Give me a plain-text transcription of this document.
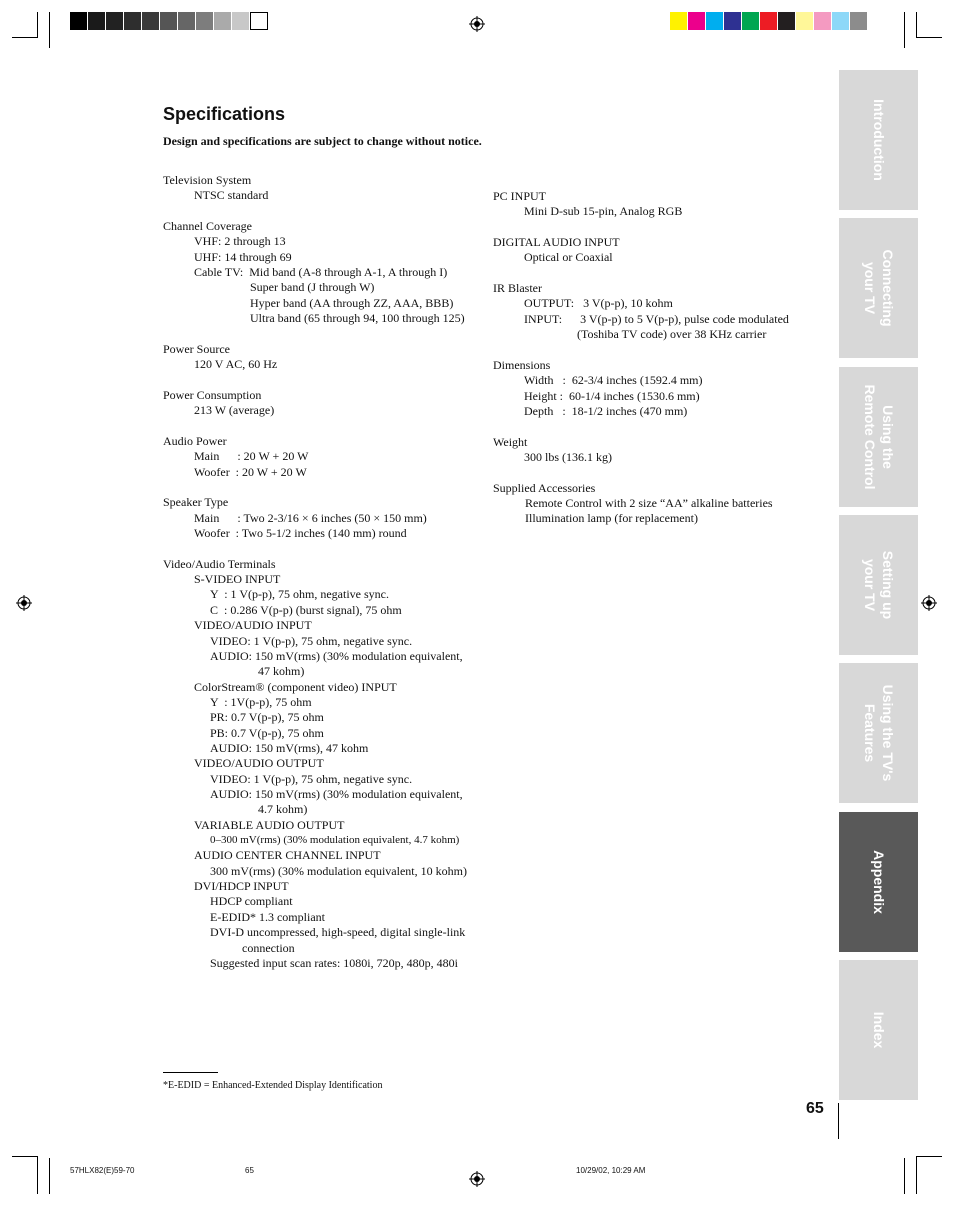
Specifications
Design and specifications are subject to change without notice.
Television System
NTSC standard
Channel Coverage
VHF: 2 through 13
UHF: 14 through 69
Cable TV:  Mid band (A-8 through A-1, A through I)
Super band (J through W)
Hyper band (AA through ZZ, AAA, BBB)
Ultra band (65 through 94, 100 through 125)
Power Source
120 V AC, 60 Hz
Power Consumption
213 W (average)
Audio Power
Main      : 20 W + 20 W
Woofer  : 20 W + 20 W
Speaker Type
Main      : Two 2-3/16 × 6 inches (50 × 150 mm)
Woofer  : Two 5-1/2 inches (140 mm) round
Video/Audio Terminals
S-VIDEO INPUT
Y  : 1 V(p-p), 75 ohm, negative sync.
C  : 0.286 V(p-p) (burst signal), 75 ohm
VIDEO/AUDIO INPUT
VIDEO: 1 V(p-p), 75 ohm, negative sync.
AUDIO: 150 mV(rms) (30% modulation equivalent,
47 kohm)
ColorStream® (component video) INPUT
Y  : 1V(p-p), 75 ohm
PR: 0.7 V(p-p), 75 ohm
PB: 0.7 V(p-p), 75 ohm
AUDIO: 150 mV(rms), 47 kohm
VIDEO/AUDIO OUTPUT
VIDEO: 1 V(p-p), 75 ohm, negative sync.
AUDIO: 150 mV(rms) (30% modulation equivalent,
4.7 kohm)
VARIABLE AUDIO OUTPUT
0–300 mV(rms) (30% modulation equivalent, 4.7 kohm)
AUDIO CENTER CHANNEL INPUT
300 mV(rms) (30% modulation equivalent, 10 kohm)
DVI/HDCP INPUT
HDCP compliant
E-EDID* 1.3 compliant
DVI-D uncompressed, high-speed, digital single-link
connection
Suggested input scan rates: 1080i, 720p, 480p, 480i
PC INPUT
Mini D-sub 15-pin, Analog RGB
DIGITAL AUDIO INPUT
Optical or Coaxial
IR Blaster
OUTPUT:   3 V(p-p), 10 kohm
INPUT:      3 V(p-p) to 5 V(p-p), pulse code modulated
(Toshiba TV code) over 38 KHz carrier
Dimensions
Width   :  62-3/4 inches (1592.4 mm)
Height :  60-1/4 inches (1530.6 mm)
Depth   :  18-1/2 inches (470 mm)
Weight
300 lbs (136.1 kg)
Supplied Accessories
Remote Control with 2 size “AA” alkaline batteries
Illumination lamp (for replacement)
Introduction
Connecting
your TV
Using the
Remote Control
Setting up
your TV
Using the TV's
Features
Appendix
Index
*E-EDID = Enhanced-Extended Display Identification
65
57HLX82(E)59-70	65	10/29/02, 10:29 AM
